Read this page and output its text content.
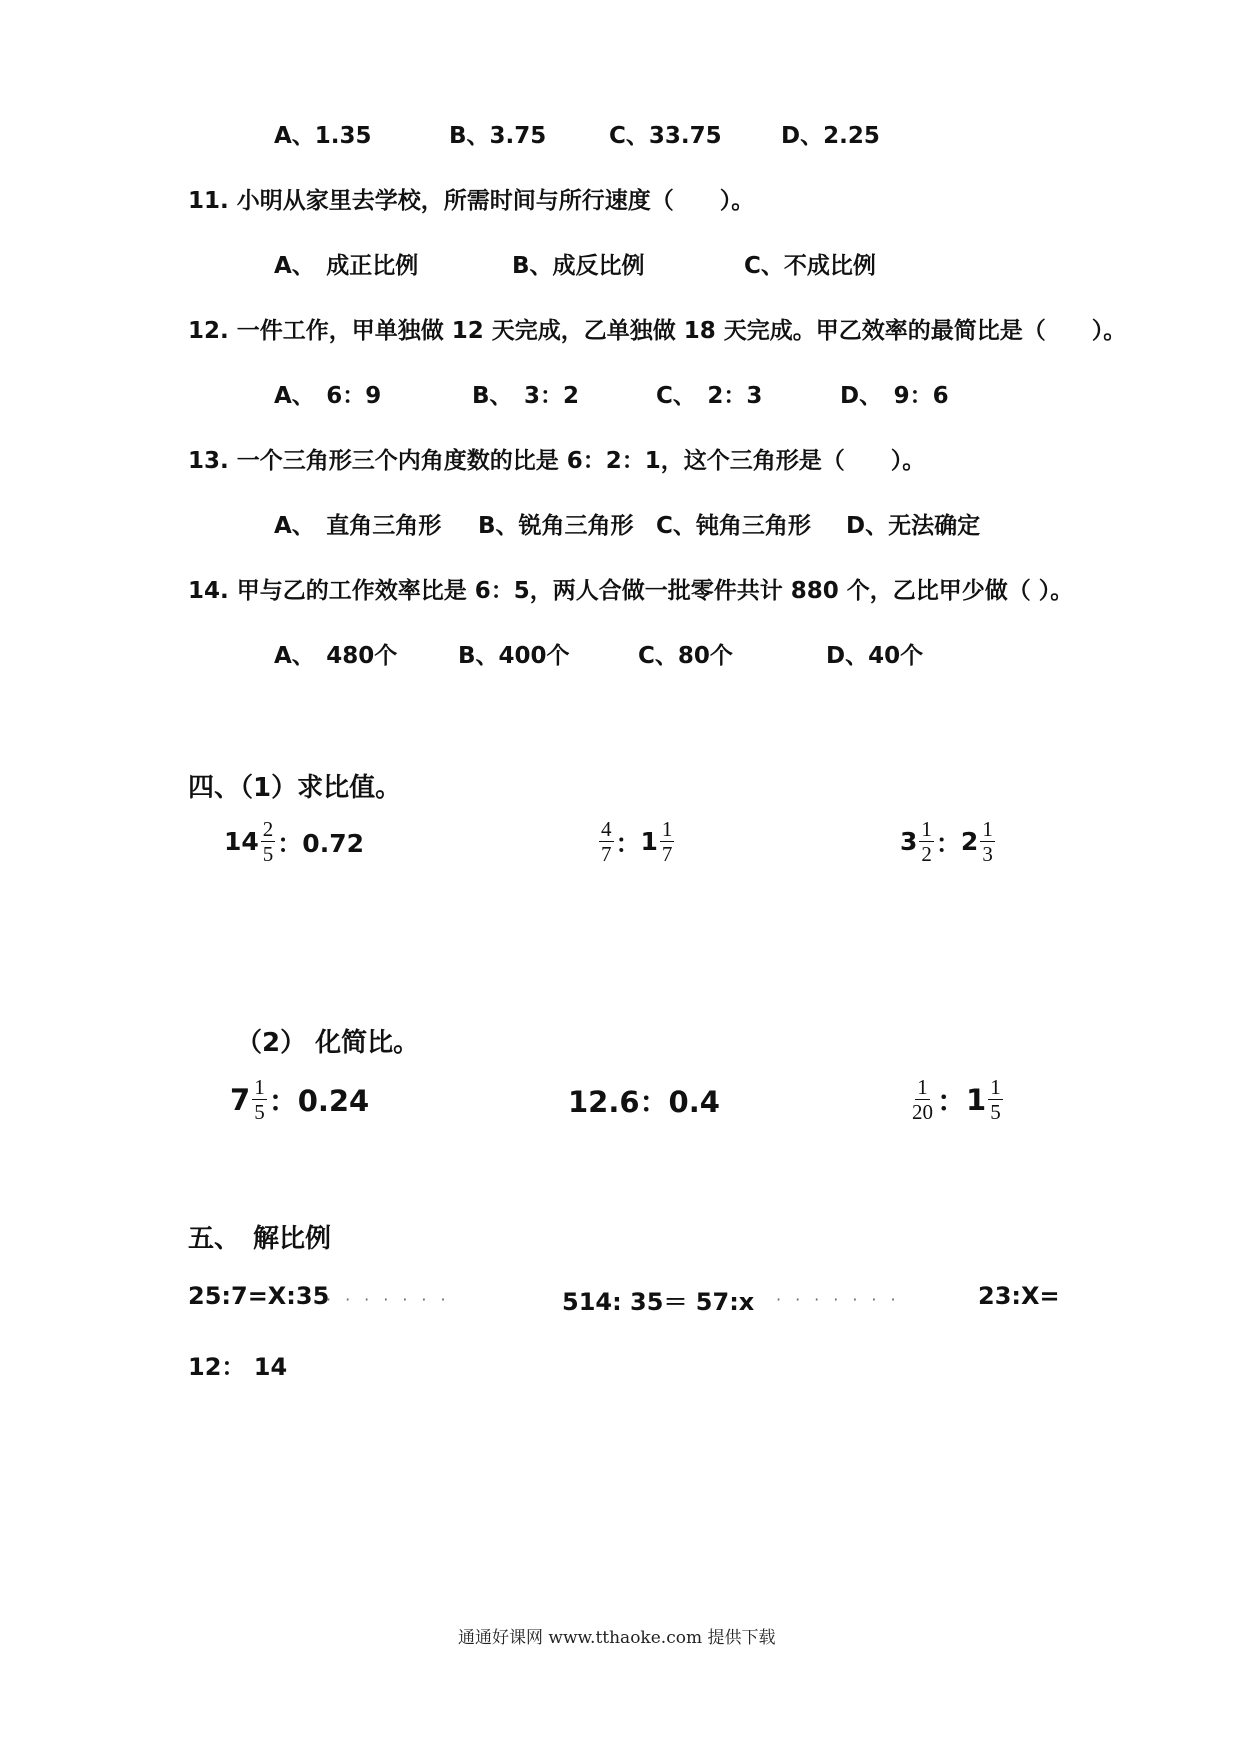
A、1.35	B、3.75	C、33.75	D、2.25
11. 小明从家里去学校，所需时间与所行速度（　　）。
A、　成正比例	B、成反比例	C、不成比例
12. 一件工作，甲单独做 12 天完成，乙单独做 18 天完成。甲乙效率的最简比是（　　）。
A、　6：9	B、　3：2	C、　2：3	D、　9：6
13. 一个三角形三个内角度数的比是 6：2：1，这个三角形是（　　）。
A、　直角三角形 B、锐角三角形 C、钝角三角形 D、无法确定
14. 甲与乙的工作效率比是 6：5，两人合做一批零件共计 880 个，乙比甲少做（ ）。
A、　480个	B、400个	C、80个	D、40个
四、（1）求比值。
$14 \frac{2}{5}$ ：0.72	$\frac{4}{7}$ ： $1 \frac{1}{7}$	$3 \frac{1}{2}$ ： $2 \frac{1}{3}$
（2） 化简比。
$7 \frac{1}{5}$ ：0.24	12.6：0.4	$\frac{1}{20}$ ： $1 \frac{1}{5}$
五、　解比例
25:7=X:35
·······	514: 35＝ 57:x ·······	23:X=
12： 14
通通好课网 www.tthaoke.com 提供下载
